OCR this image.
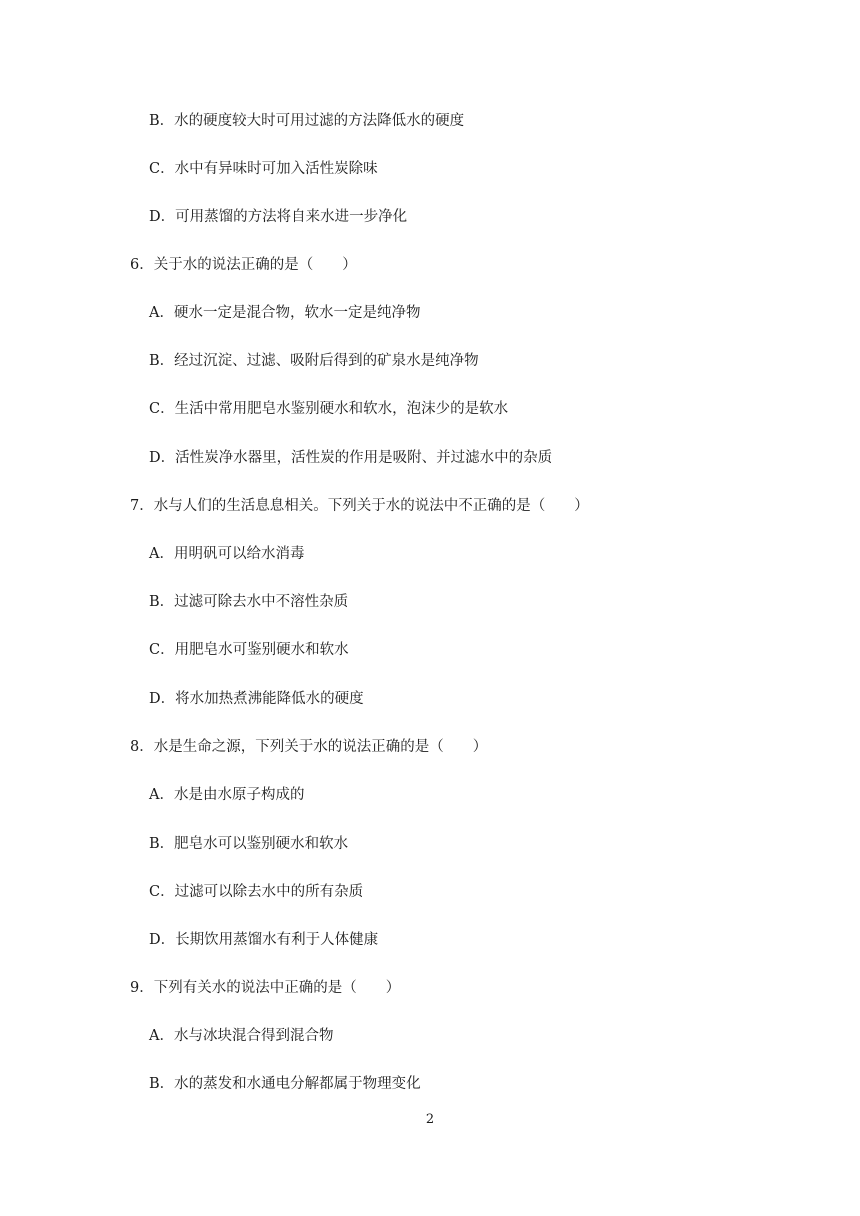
B．水的硬度较大时可用过滤的方法降低水的硬度
C．水中有异味时可加入活性炭除味
D．可用蒸馏的方法将自来水进一步净化
6．关于水的说法正确的是（　　）
A．硬水一定是混合物，软水一定是纯净物
B．经过沉淀、过滤、吸附后得到的矿泉水是纯净物
C．生活中常用肥皂水鉴别硬水和软水，泡沫少的是软水
D．活性炭净水器里，活性炭的作用是吸附、并过滤水中的杂质
7．水与人们的生活息息相关。下列关于水的说法中不正确的是（　　）
A．用明矾可以给水消毒
B．过滤可除去水中不溶性杂质
C．用肥皂水可鉴别硬水和软水
D．将水加热煮沸能降低水的硬度
8．水是生命之源，下列关于水的说法正确的是（　　）
A．水是由水原子构成的
B．肥皂水可以鉴别硬水和软水
C．过滤可以除去水中的所有杂质
D．长期饮用蒸馏水有利于人体健康
9．下列有关水的说法中正确的是（　　）
A．水与冰块混合得到混合物
B．水的蒸发和水通电分解都属于物理变化
2
